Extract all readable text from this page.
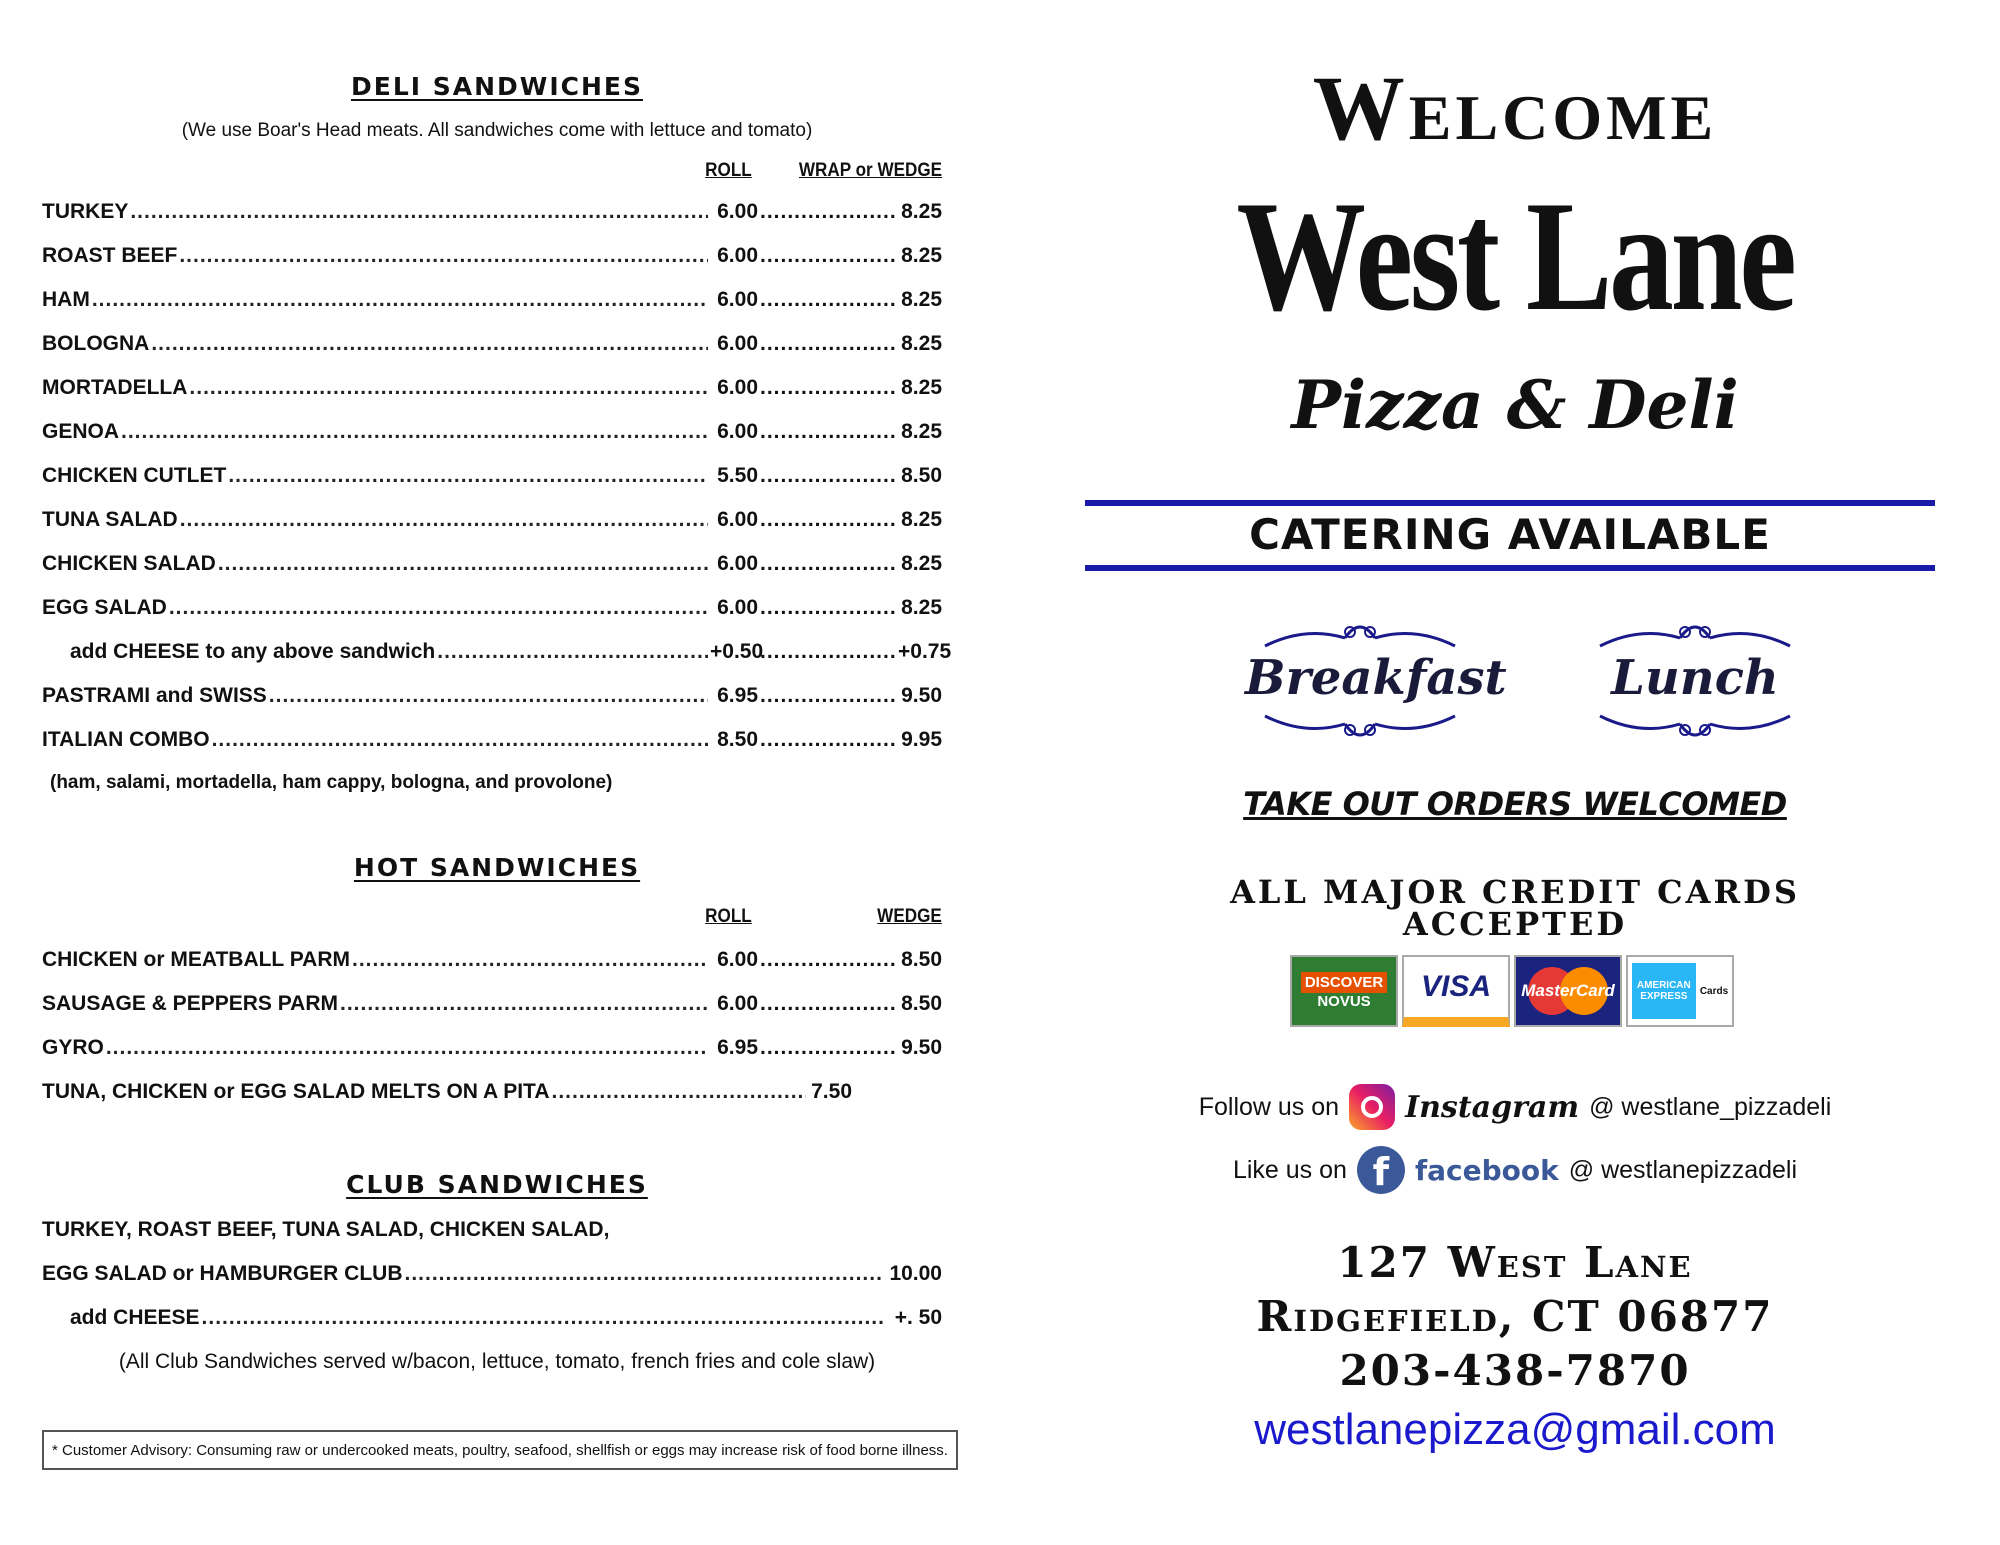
DELI SANDWICHES
(We use Boar's Head meats. All sandwiches come with lettuce and tomato)
ROLL WRAP or WEDGE
TURKEY .....	6.00 .....	8.25
ROAST BEEF .....	6.00 .....	8.25
HAM .....	6.00 .....	8.25
BOLOGNA .....	6.00 .....	8.25
MORTADELLA .....	6.00 .....	8.25
GENOA .....	6.00 .....	8.25
CHICKEN CUTLET .....	5.50 .....	8.50
TUNA SALAD .....	6.00 .....	8.25
CHICKEN SALAD .....	6.00 .....	8.25
EGG SALAD .....	6.00 .....	8.25
add CHEESE to any above sandwich .....	+0.50 .....	+0.75
PASTRAMI and SWISS .....	6.95 .....	9.50
ITALIAN COMBO .....	8.50 .....	9.95
(ham, salami, mortadella, ham cappy, bologna, and provolone)
HOT SANDWICHES
ROLL	WEDGE
CHICKEN or MEATBALL PARM .....	6.00 .....	8.50
SAUSAGE & PEPPERS PARM .....	6.00 .....	8.50
GYRO .....	6.95 .....	9.50
TUNA, CHICKEN or EGG SALAD MELTS ON A PITA .....	7.50
CLUB SANDWICHES
TURKEY, ROAST BEEF, TUNA SALAD, CHICKEN SALAD,
EGG SALAD or HAMBURGER CLUB .....	10.00
add CHEESE .....	+. 50
(All Club Sandwiches served w/bacon, lettuce, tomato, french fries and cole slaw)
* Customer Advisory: Consuming raw or undercooked meats, poultry, seafood, shellfish or eggs may increase risk of food borne illness.
Welcome
West Lane
Pizza & Deli
CATERING AVAILABLE
Breakfast	Lunch
TAKE OUT ORDERS WELCOMED
ALL MAJOR CREDIT CARDS
ACCEPTED
DISCOVER
NOVUS VISA MasterCard	AMERICAN EXPRESS	Cards
Follow us on Instagram @ westlane_pizzadeli
Like us on f facebook @ westlanepizzadeli
127 West Lane
Ridgefield, CT 06877
203-438-7870
westlanepizza@gmail.com
